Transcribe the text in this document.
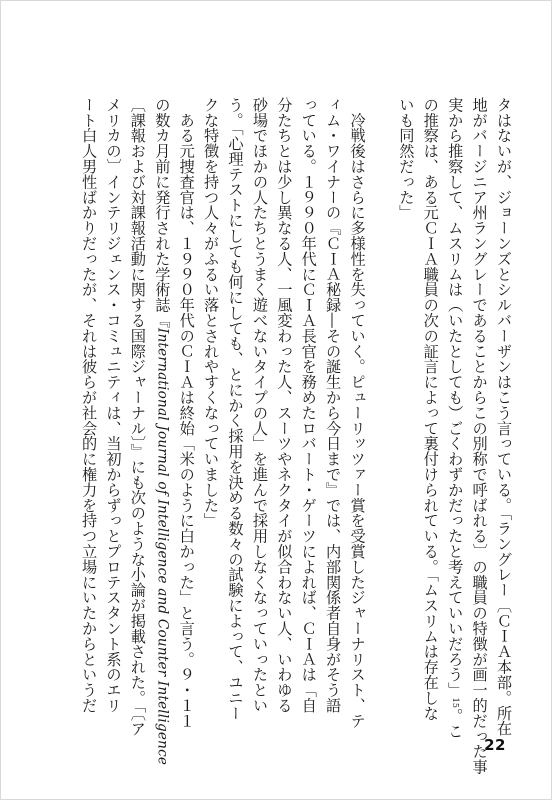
タはないが、ジョーンズとシルバーザンはこう言っている。「ラングレー〔ＣＩＡ本部。所在
地がバージニア州ラングレーであることからこの別称で呼ばれる〕の職員の特徴が画一的だった事
実から推察して、ムスリムは（いたとしても）ごくわずかだったと考えていいだろう」15。こ
の推察は、ある元ＣＩＡ職員の次の証言によって裏付けられている。「ムスリムは存在しな
いも同然だった」

　冷戦後はさらに多様性を失っていく。ピューリッツァー賞を受賞したジャーナリスト、テ
ィム・ワイナーの『ＣＩＡ秘録―その誕生から今日まで』では、内部関係者自身がそう語
っている。１９９０年代にＣＩＡ長官を務めたロバート・ゲーツによれば、ＣＩＡは「自
分たちとは少し異なる人、一風変わった人、スーツやネクタイが似合わない人、いわゆる
砂場でほかの人たちとうまく遊べないタイプの人」を進んで採用しなくなっていったとい
う。「心理テストにしても何にしても、とにかく採用を決める数々の試験によって、ユニー
クな特徴を持つ人々がふるい落とされやすくなっていました」
　ある元捜査官は、１９９０年代のＣＩＡは終始「米のように白かった」と言う。９・１１
の数カ月前に発行された学術誌『International Journal of Intelligence and Counter Intelligence
〔課報および対課報活動に関する国際ジャーナル〕』にも次のような小論が掲載された。「〔ア
メリカの〕インテリジェンス・コミュニティは、当初からずっとプロテスタント系のエリ
ート白人男性ばかりだったが、それは彼らが社会的に権力を持つ立場にいたからというだ
22
